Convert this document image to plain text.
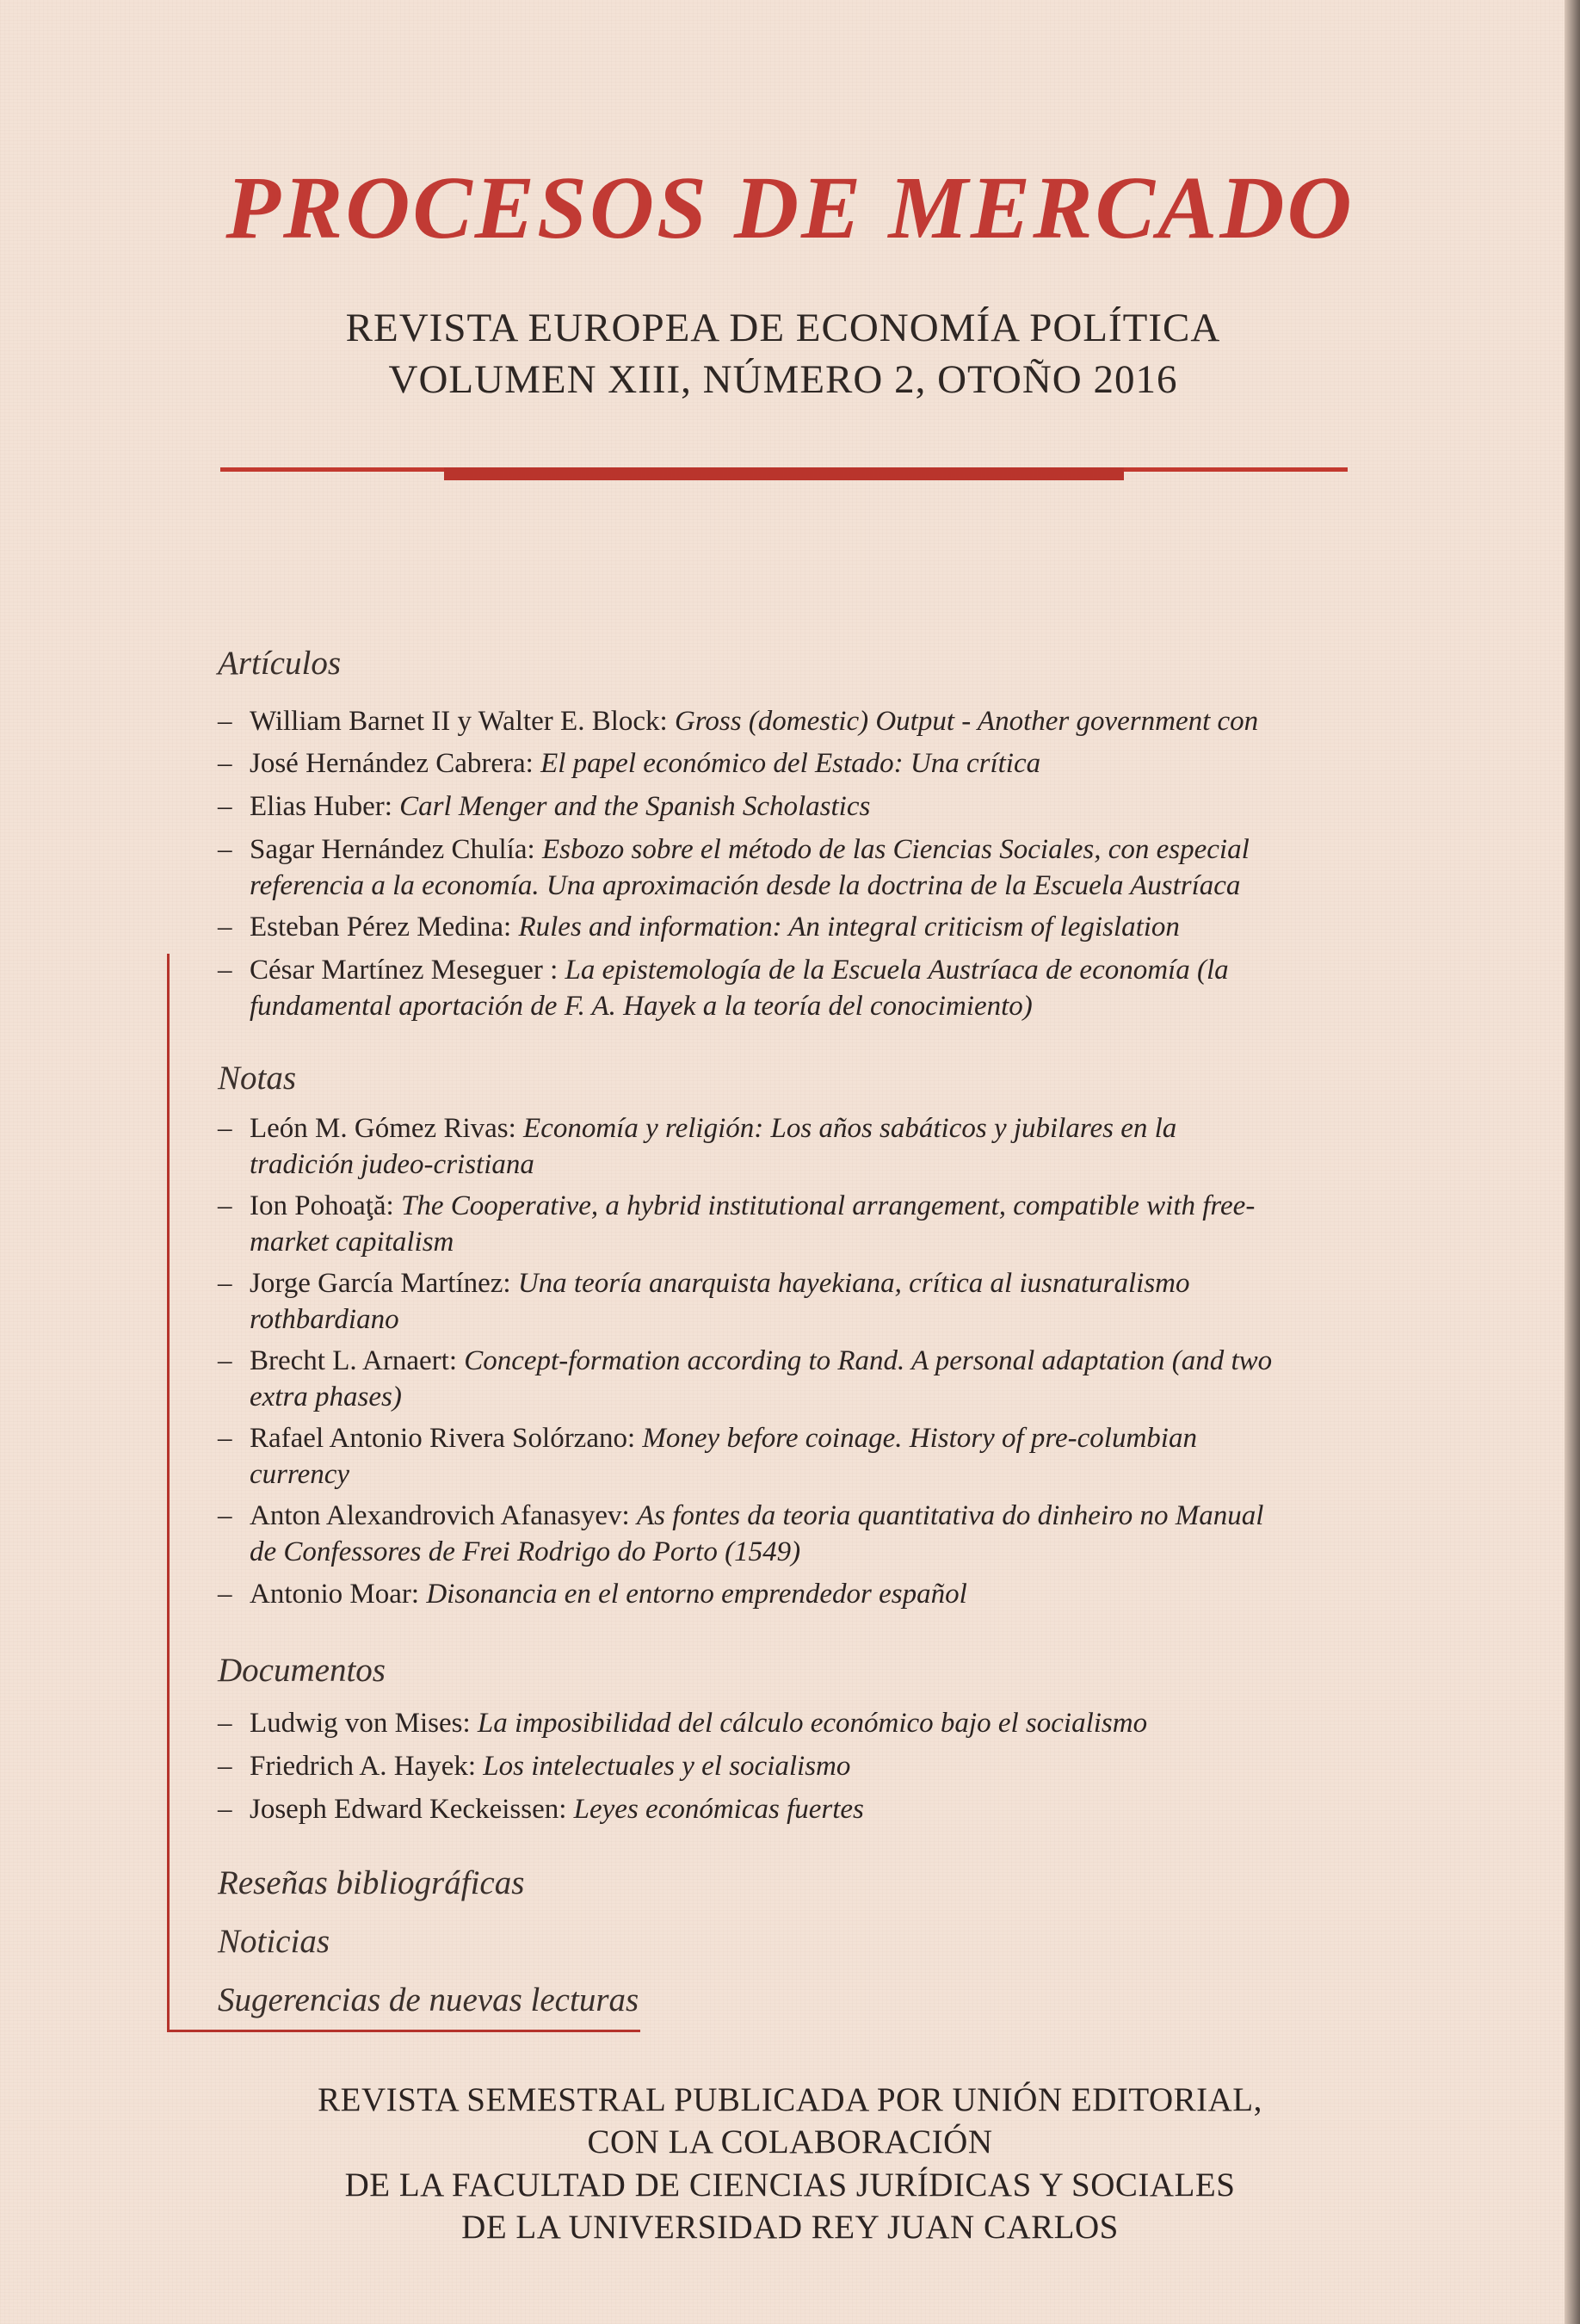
PROCESOS DE MERCADO
REVISTA EUROPEA DE ECONOMÍA POLÍTICA
VOLUMEN XIII, NÚMERO 2, OTOÑO 2016
Artículos
– William Barnet II y Walter E. Block: Gross (domestic) Output - Another government con
– José Hernández Cabrera: El papel económico del Estado: Una crítica
– Elias Huber: Carl Menger and the Spanish Scholastics
– Sagar Hernández Chulía: Esbozo sobre el método de las Ciencias Sociales, con especial
referencia a la economía. Una aproximación desde la doctrina de la Escuela Austríaca
– Esteban Pérez Medina: Rules and information: An integral criticism of legislation
– César Martínez Meseguer : La epistemología de la Escuela Austríaca de economía (la
fundamental aportación de F. A. Hayek a la teoría del conocimiento)
Notas
– León M. Gómez Rivas: Economía y religión: Los años sabáticos y jubilares en la
tradición judeo-cristiana
– Ion Pohoaţă: The Cooperative, a hybrid institutional arrangement, compatible with free-
market capitalism
– Jorge García Martínez: Una teoría anarquista hayekiana, crítica al iusnaturalismo
rothbardiano
– Brecht L. Arnaert: Concept-formation according to Rand. A personal adaptation (and two
extra phases)
– Rafael Antonio Rivera Solórzano: Money before coinage. History of pre-columbian
currency
– Anton Alexandrovich Afanasyev: As fontes da teoria quantitativa do dinheiro no Manual
de Confessores de Frei Rodrigo do Porto (1549)
– Antonio Moar: Disonancia en el entorno emprendedor español
Documentos
– Ludwig von Mises: La imposibilidad del cálculo económico bajo el socialismo
– Friedrich A. Hayek: Los intelectuales y el socialismo
– Joseph Edward Keckeissen: Leyes económicas fuertes
Reseñas bibliográficas
Noticias
Sugerencias de nuevas lecturas
REVISTA SEMESTRAL PUBLICADA POR UNIÓN EDITORIAL,
CON LA COLABORACIÓN
DE LA FACULTAD DE CIENCIAS JURÍDICAS Y SOCIALES
DE LA UNIVERSIDAD REY JUAN CARLOS
